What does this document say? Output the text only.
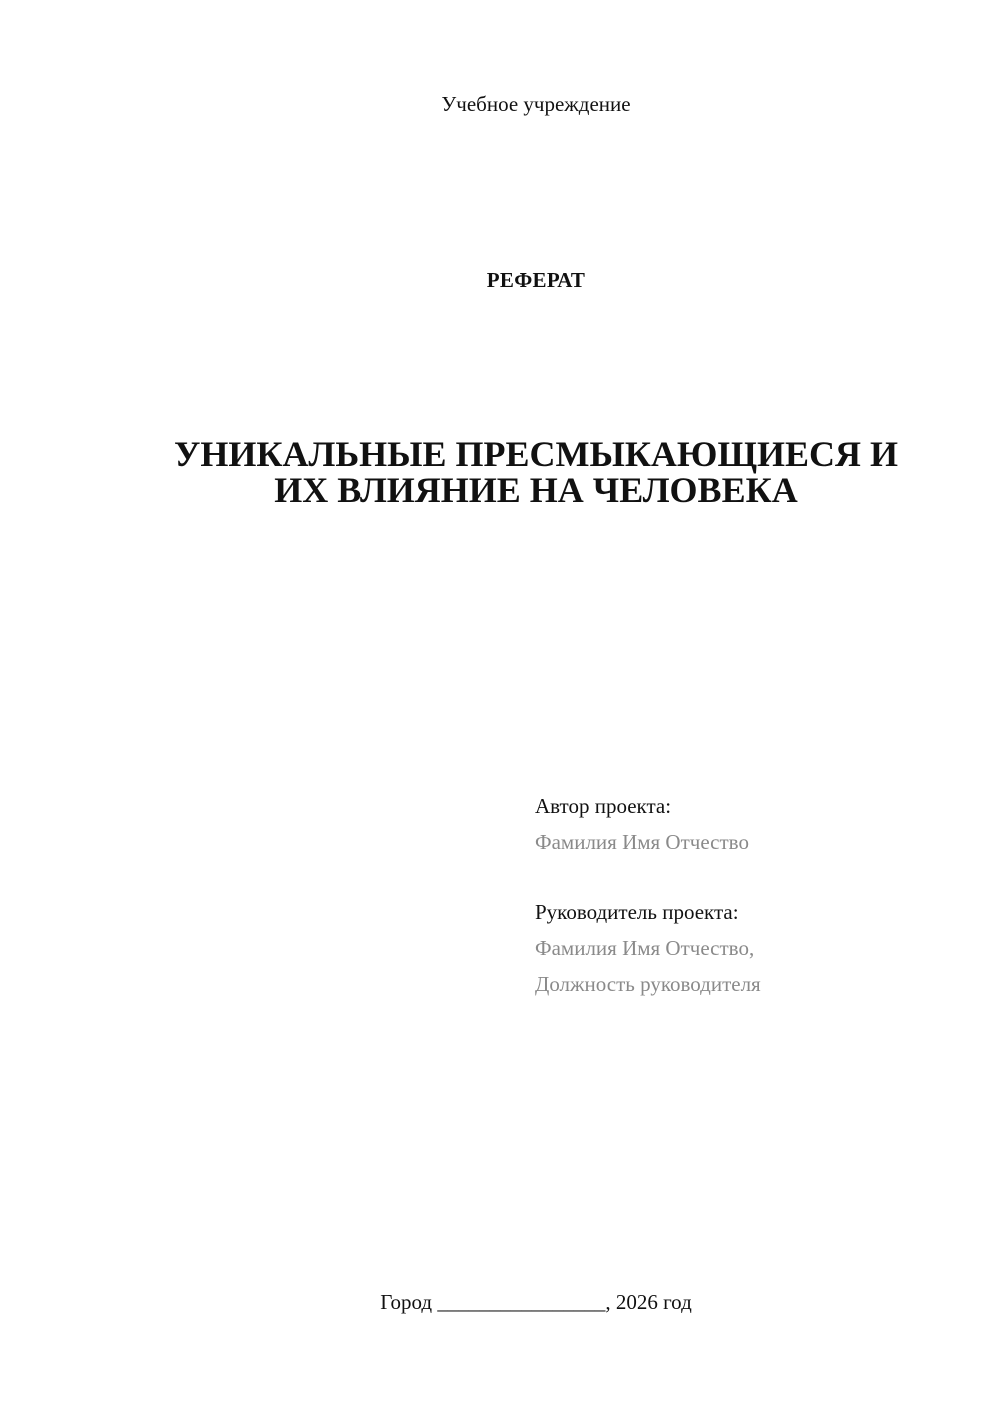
Учебное учреждение
РЕФЕРАТ
УНИКАЛЬНЫЕ ПРЕСМЫКАЮЩИЕСЯ И
ИХ ВЛИЯНИЕ НА ЧЕЛОВЕКА
Автор проекта:
Фамилия Имя Отчество
Руководитель проекта:
Фамилия Имя Отчество,
Должность руководителя
Город ________________, 2026 год
